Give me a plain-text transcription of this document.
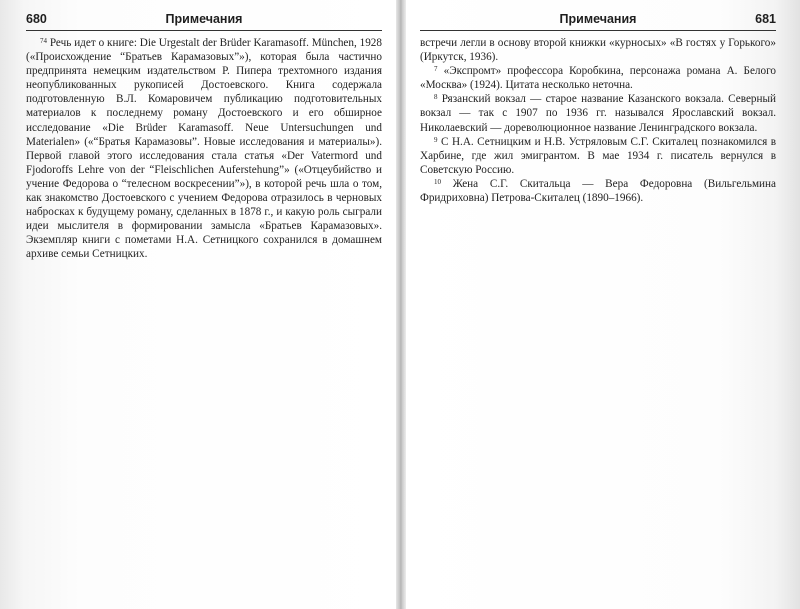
680	Примечания

$^{74}$ Речь идет о книге: Die Urgestalt der Brüder Karamasoff. München, 1928 («Происхождение “Братьев Карамазовых”»), которая была частично предпринята немецким издательством Р. Пипера трехтомного издания неопубликованных рукописей Достоевского. Книга содержала подготовленную В.Л. Комаровичем публикацию подготовительных материалов к последнему роману Достоевского и его обширное исследование «Die Brüder Karamasoff. Neue Untersuchungen und Materialen» («“Братья Карамазовы”. Новые исследования и материалы»). Первой главой этого исследования стала статья «Der Vatermord und Fjodoroffs Lehre von der “Fleischlichen Auferstehung”» («Отцеубийство и учение Федорова о “телесном воскресении”»), в которой речь шла о том, как знакомство Достоевского с учением Федорова отразилось в черновых набросках к будущему роману, сделанных в 1878 г., и какую роль сыграли идеи мыслителя в формировании замысла «Братьев Карамазовых». Экземпляр книги с пометами Н.А. Сетницкого сохранился в домашнем архиве семьи Сетницких.

Примечания	681

встречи легли в основу второй книжки «курносых» «В гостях у Горького» (Иркутск, 1936).

$^7$ «Экспромт» профессора Коробкина, персонажа романа А. Белого «Москва» (1924). Цитата несколько неточна.

$^8$ Рязанский вокзал — старое название Казанского вокзала. Северный вокзал — так с 1907 по 1936 гг. назывался Ярославский вокзал. Николаевский — дореволюционное название Ленинградского вокзала.

$^9$ С Н.А. Сетницким и Н.В. Устряловым С.Г. Скиталец познакомился в Харбине, где жил эмигрантом. В мае 1934 г. писатель вернулся в Советскую Россию.

$^{10}$ Жена С.Г. Скитальца — Вера Федоровна (Вильгельмина Фридриховна) Петрова-Скиталец (1890–1966).
